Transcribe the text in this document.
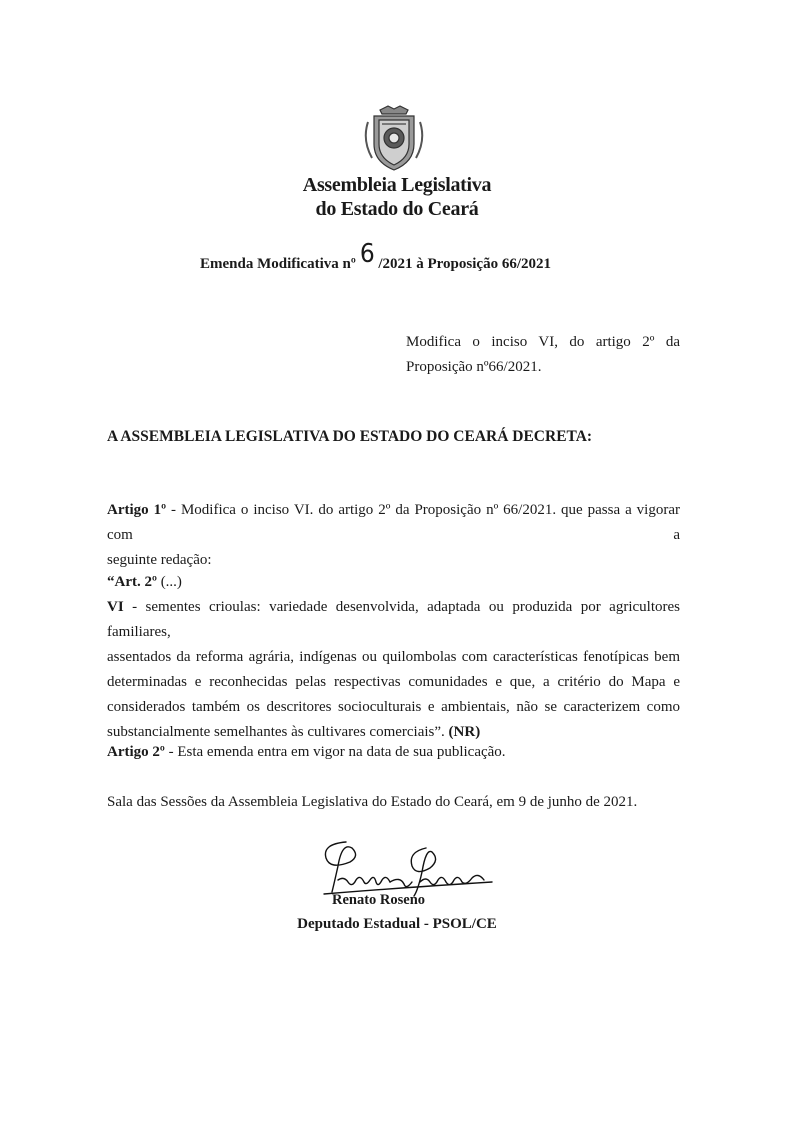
Assembleia Legislativa
do Estado do Ceará
Emenda Modificativa nº 6 /2021 à Proposição 66/2021
Modifica o inciso VI, do artigo 2º da
Proposição nº66/2021.
A ASSEMBLEIA LEGISLATIVA DO ESTADO DO CEARÁ DECRETA:
Artigo 1º - Modifica o inciso VI. do artigo 2º da Proposição nº 66/2021. que passa a vigorar com a
seguinte redação:
“Art. 2º (...)
VI - sementes crioulas: variedade desenvolvida, adaptada ou produzida por agricultores familiares,
assentados da reforma agrária, indígenas ou quilombolas com características fenotípicas bem
determinadas e reconhecidas pelas respectivas comunidades e que, a critério do Mapa e
considerados também os descritores socioculturais e ambientais, não se caracterizem como
substancialmente semelhantes às cultivares comerciais”. (NR)
Artigo 2º - Esta emenda entra em vigor na data de sua publicação.
Sala das Sessões da Assembleia Legislativa do Estado do Ceará, em 9 de junho de 2021.
Renato Roseno
Deputado Estadual - PSOL/CE
